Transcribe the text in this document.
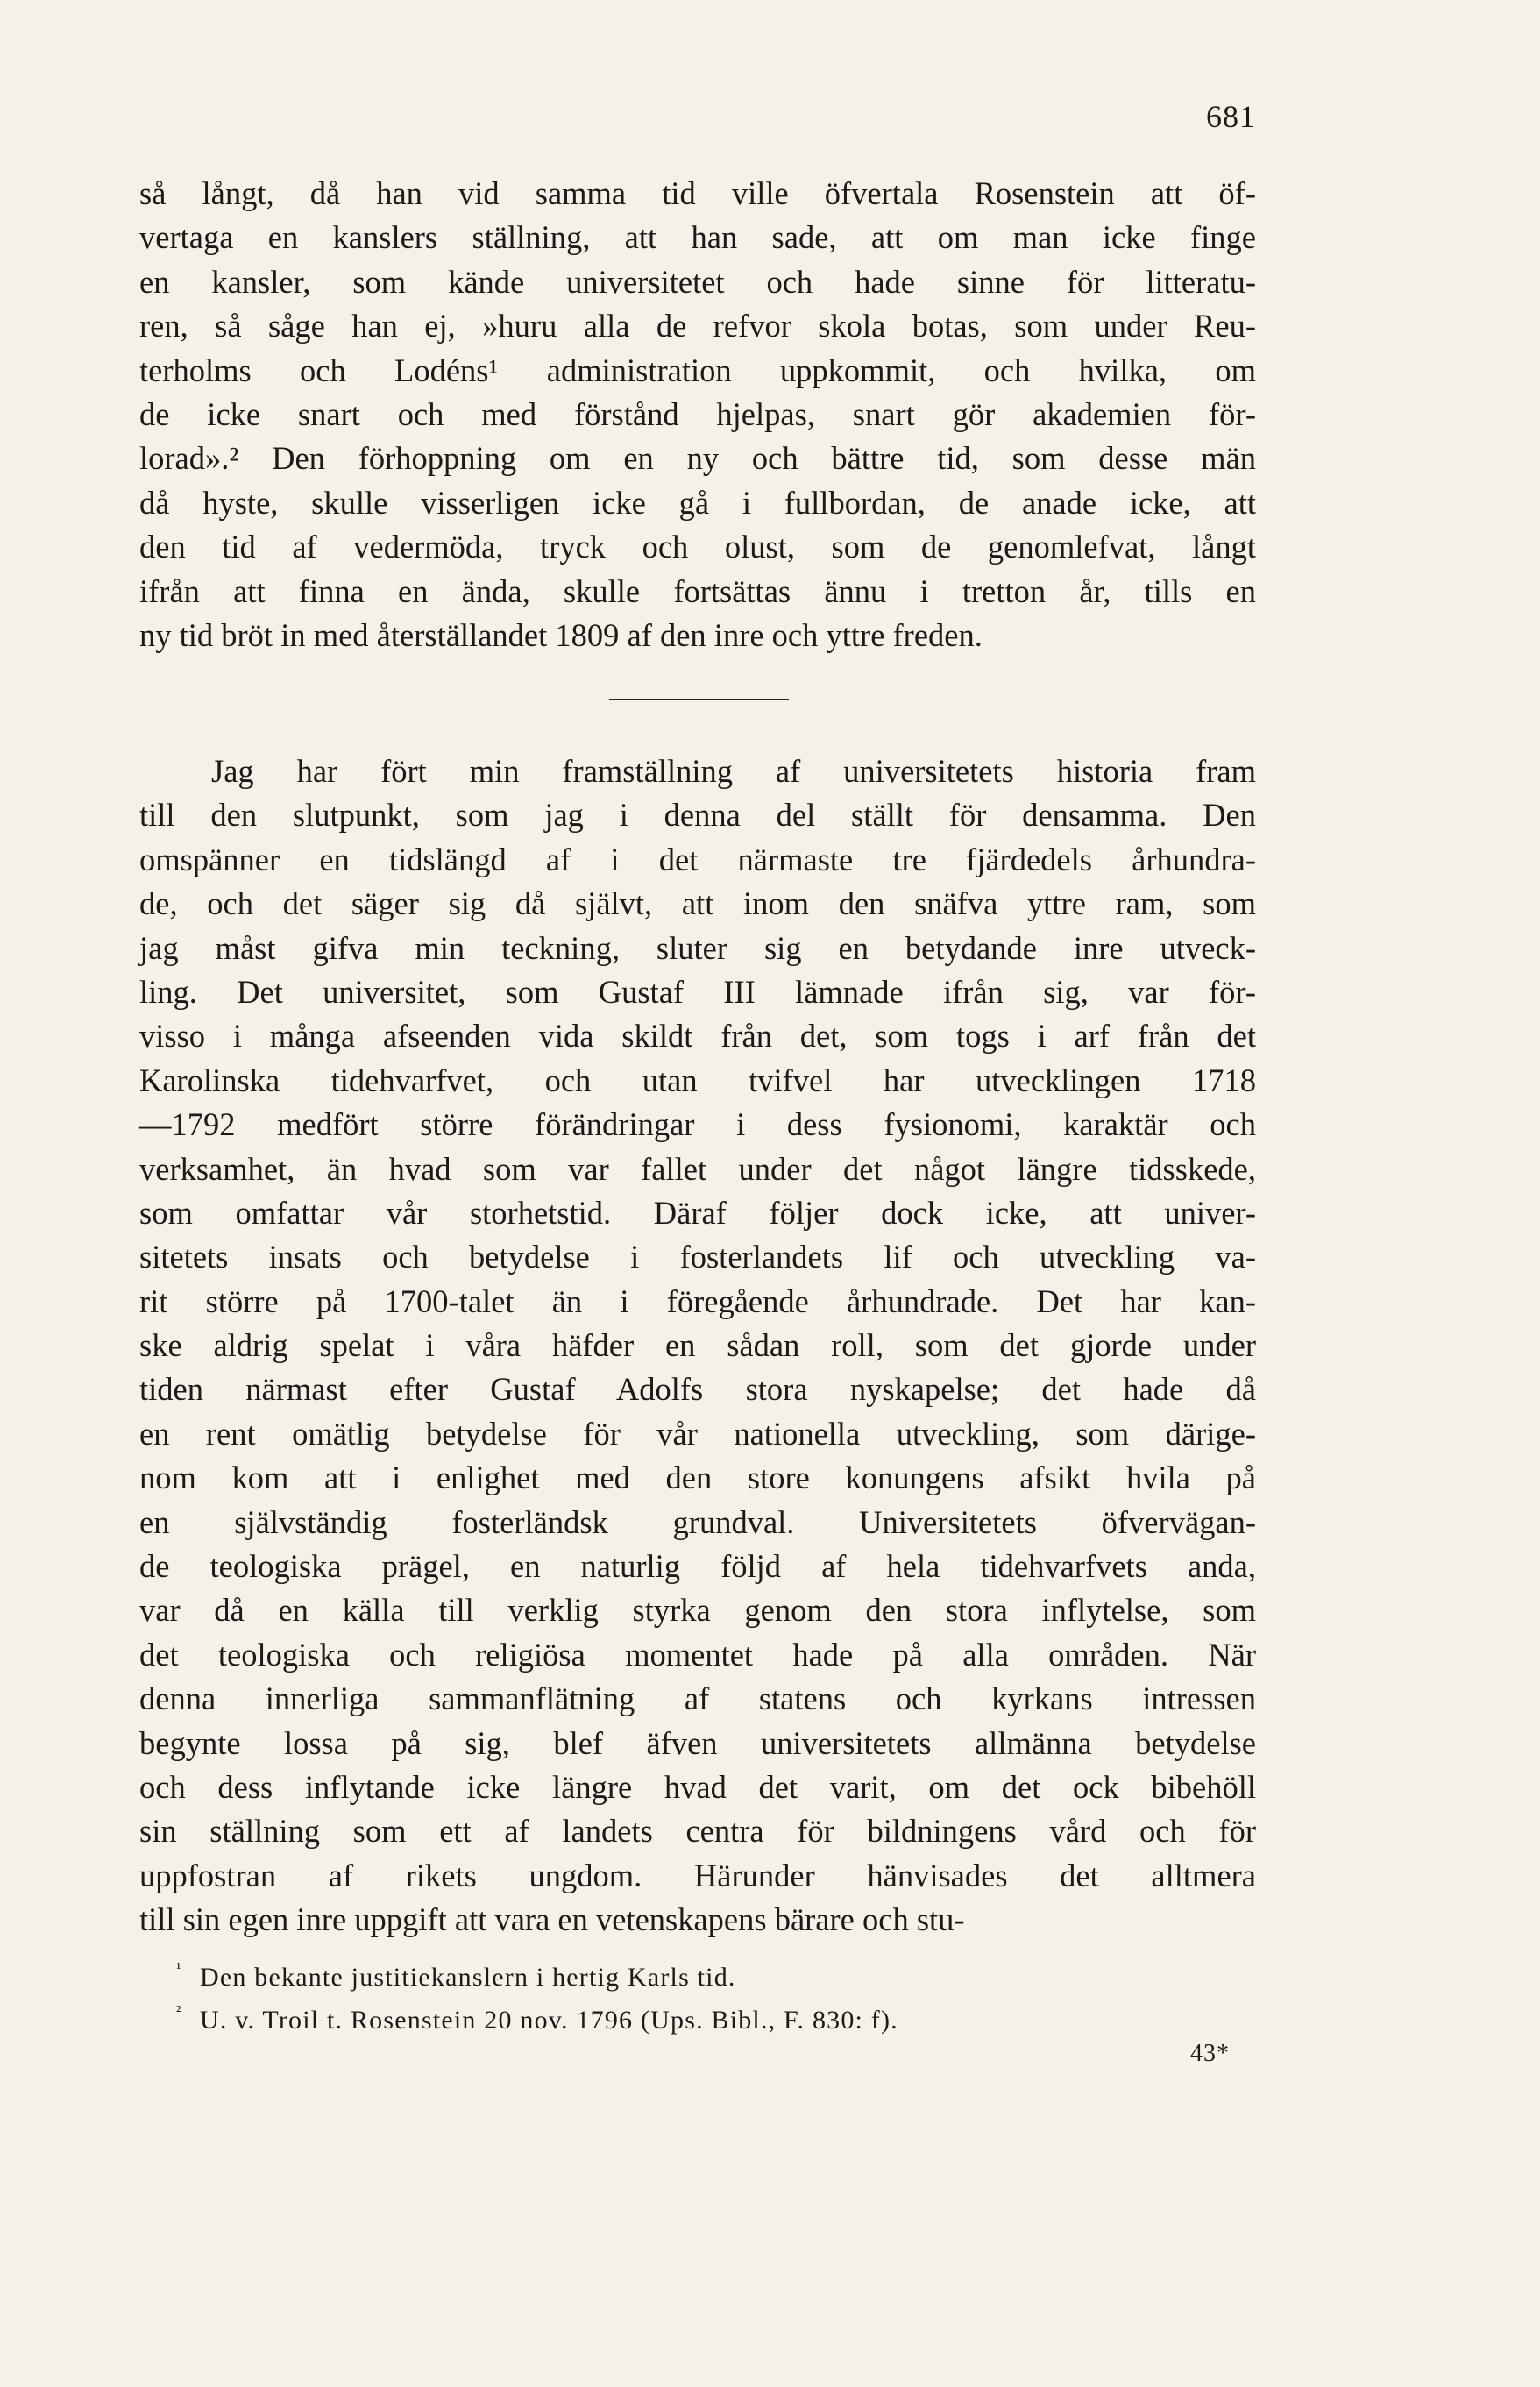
681
så långt, då han vid samma tid ville öfvertala Rosenstein att öf-
vertaga en kanslers ställning, att han sade, att om man icke finge
en kansler, som kände universitetet och hade sinne för litteratu-
ren, så såge han ej, »huru alla de refvor skola botas, som under Reu-
terholms och Lodéns¹ administration uppkommit, och hvilka, om
de icke snart och med förstånd hjelpas, snart gör akademien för-
lorad».² Den förhoppning om en ny och bättre tid, som desse män
då hyste, skulle visserligen icke gå i fullbordan, de anade icke, att
den tid af vedermöda, tryck och olust, som de genomlefvat, långt
ifrån att finna en ända, skulle fortsättas ännu i tretton år, tills en
ny tid bröt in med återställandet 1809 af den inre och yttre freden.
Jag har fört min framställning af universitetets historia fram
till den slutpunkt, som jag i denna del ställt för densamma. Den
omspänner en tidslängd af i det närmaste tre fjärdedels århundra-
de, och det säger sig då självt, att inom den snäfva yttre ram, som
jag måst gifva min teckning, sluter sig en betydande inre utveck-
ling. Det universitet, som Gustaf III lämnade ifrån sig, var för-
visso i många afseenden vida skildt från det, som togs i arf från det
Karolinska tidehvarfvet, och utan tvifvel har utvecklingen 1718
—1792 medfört större förändringar i dess fysionomi, karaktär och
verksamhet, än hvad som var fallet under det något längre tidsskede,
som omfattar vår storhetstid. Däraf följer dock icke, att univer-
sitetets insats och betydelse i fosterlandets lif och utveckling va-
rit större på 1700-talet än i föregående århundrade. Det har kan-
ske aldrig spelat i våra häfder en sådan roll, som det gjorde under
tiden närmast efter Gustaf Adolfs stora nyskapelse; det hade då
en rent omätlig betydelse för vår nationella utveckling, som därige-
nom kom att i enlighet med den store konungens afsikt hvila på
en självständig fosterländsk grundval. Universitetets öfvervägan-
de teologiska prägel, en naturlig följd af hela tidehvarfvets anda,
var då en källa till verklig styrka genom den stora inflytelse, som
det teologiska och religiösa momentet hade på alla områden. När
denna innerliga sammanflätning af statens och kyrkans intressen
begynte lossa på sig, blef äfven universitetets allmänna betydelse
och dess inflytande icke längre hvad det varit, om det ock bibehöll
sin ställning som ett af landets centra för bildningens vård och för
uppfostran af rikets ungdom. Härunder hänvisades det alltmera
till sin egen inre uppgift att vara en vetenskapens bärare och stu-
¹ Den bekante justitiekanslern i hertig Karls tid.
² U. v. Troil t. Rosenstein 20 nov. 1796 (Ups. Bibl., F. 830: f).
43*
